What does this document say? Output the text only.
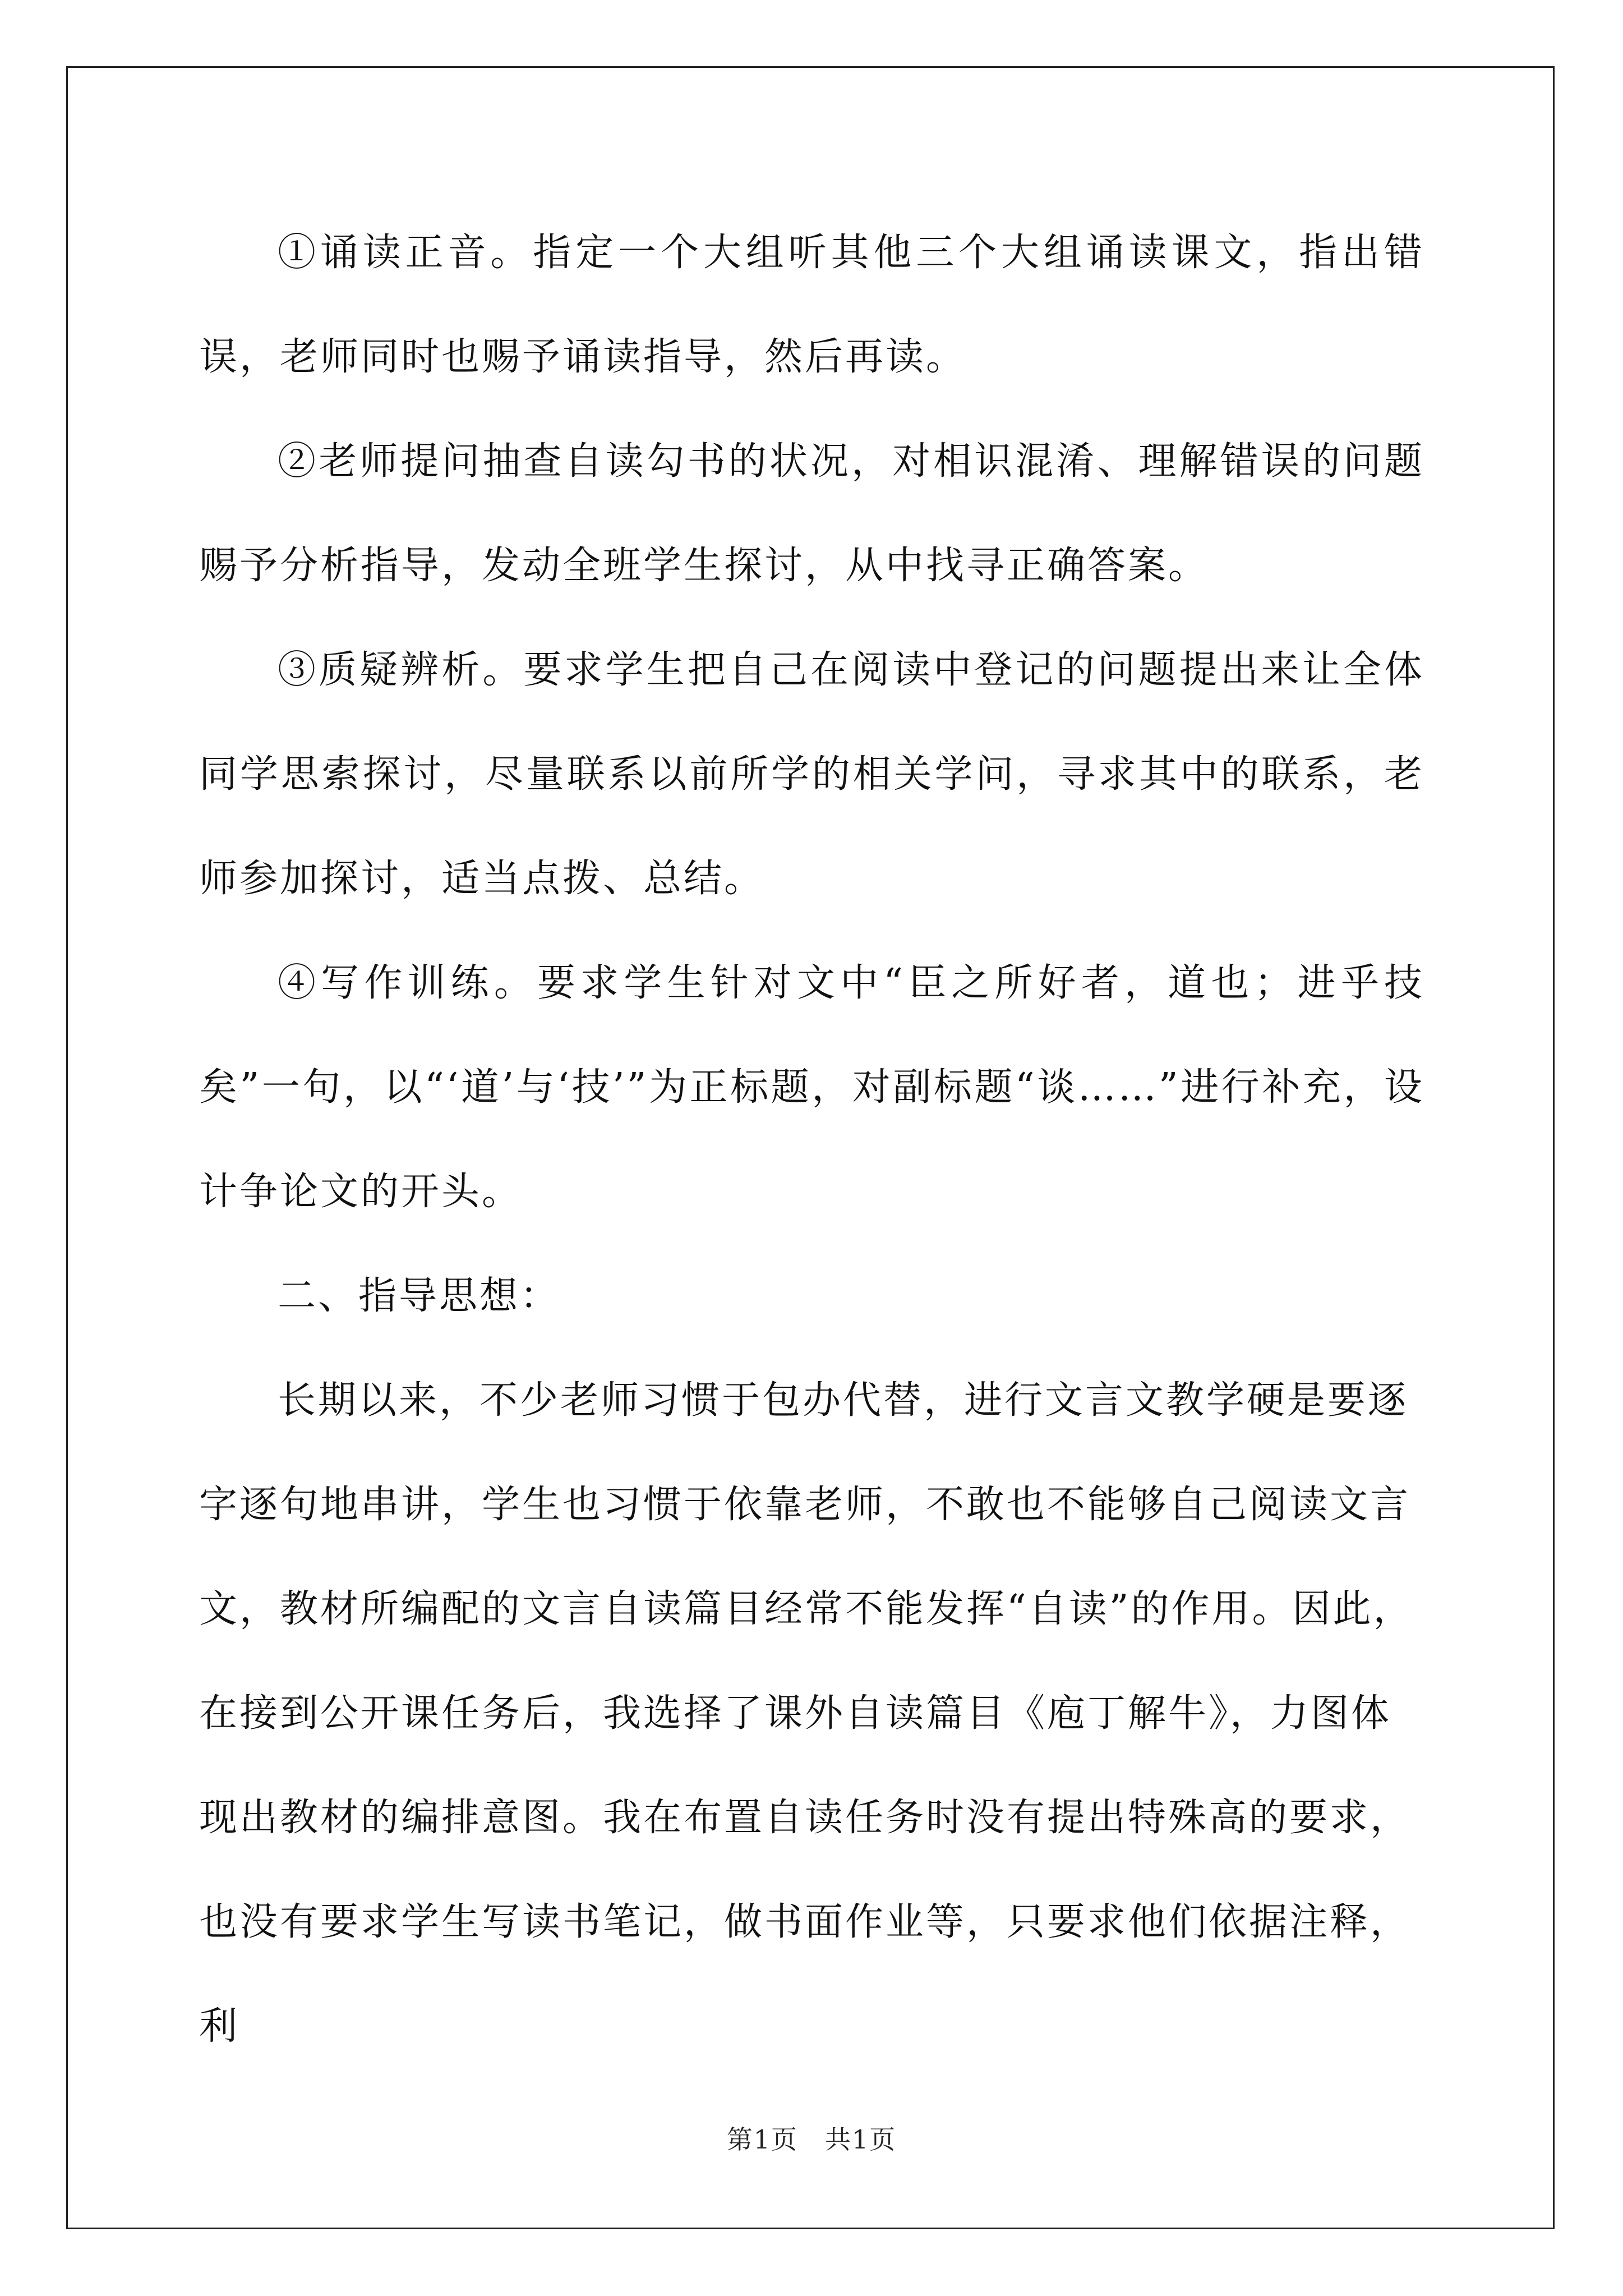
①诵读正音。指定一个大组听其他三个大组诵读课文，指出错误，老师同时也赐予诵读指导，然后再读。

②老师提问抽查自读勾书的状况，对相识混淆、理解错误的问题赐予分析指导，发动全班学生探讨，从中找寻正确答案。

③质疑辨析。要求学生把自己在阅读中登记的问题提出来让全体同学思索探讨，尽量联系以前所学的相关学问，寻求其中的联系，老师参加探讨，适当点拨、总结。

④写作训练。要求学生针对文中“臣之所好者，道也；进乎技矣”一句，以“‘道’与‘技’”为正标题，对副标题“谈……”进行补充，设计争论文的开头。

二、指导思想：

长期以来，不少老师习惯于包办代替，进行文言文教学硬是要逐字逐句地串讲，学生也习惯于依靠老师，不敢也不能够自己阅读文言文，教材所编配的文言自读篇目经常不能发挥“自读”的作用。因此，在接到公开课任务后，我选择了课外自读篇目《庖丁解牛》，力图体现出教材的编排意图。我在布置自读任务时没有提出特殊高的要求，也没有要求学生写读书笔记，做书面作业等，只要求他们依据注释，利

第1页　共1页
